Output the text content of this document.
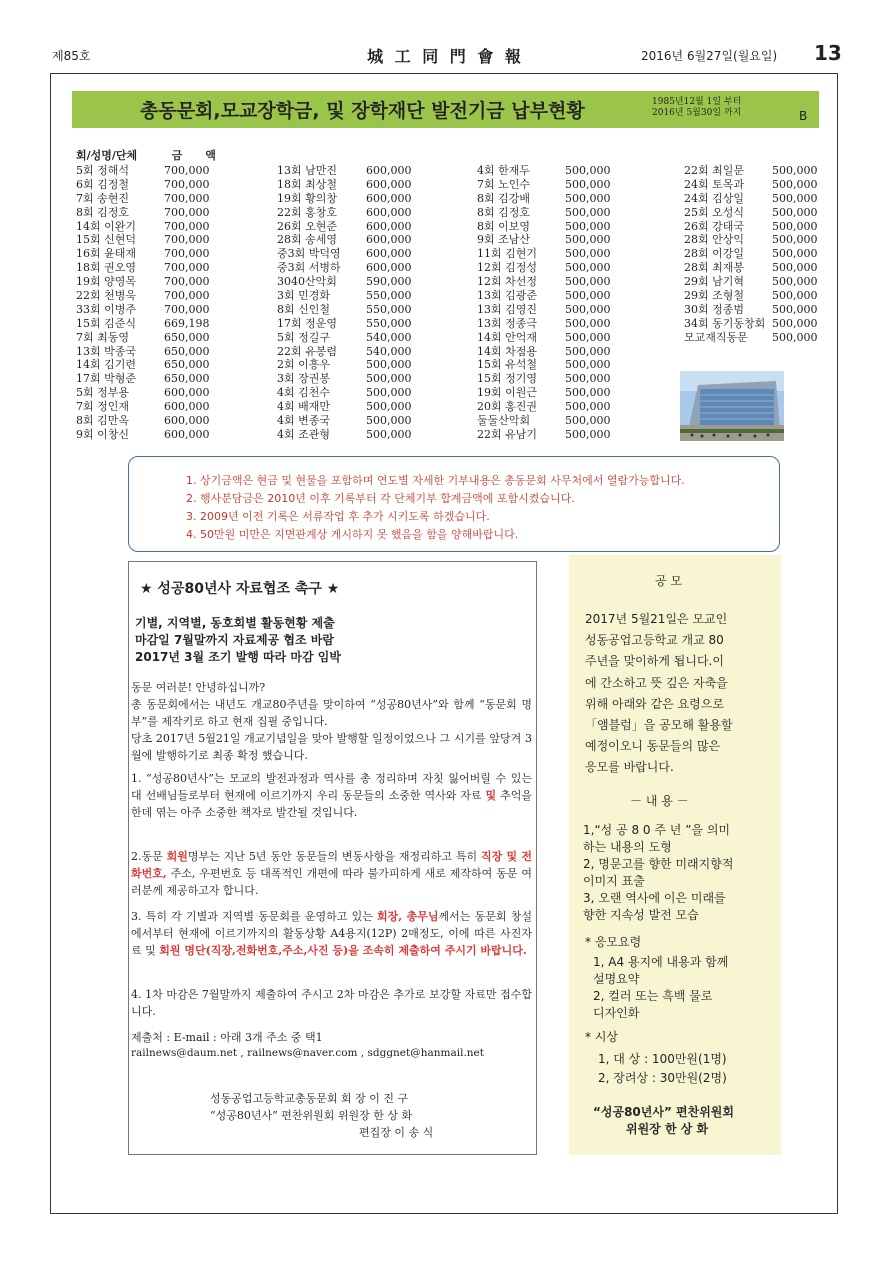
제85호	城 工 同 門 會 報	2016년 6월27일(월요일) 13
총동문회,모교장학금, 및 장학재단 발전기금 납부현황	1985년12월 1일 부터
2016년 5월30일 까지	B
회/성명/단체         금      액
5회 정해석	700,000
6회 김정철	700,000
7회 송현진	700,000
8회 김정호	700,000
14회 이완기	700,000
15회 신현덕	700,000
16회 윤태재	700,000
18회 권오영	700,000
19회 양영목	700,000
22회 천병욱	700,000
33회 이병주	700,000
15회 김준식	669,198
7회 최동영	650,000
13회 박종국	650,000
14회 김기련	650,000
17회 박형준	650,000
5회 정부용	600,000
7회 정인재	600,000
8회 김만옥	600,000
9회 이창신	600,000
13회 남만진	600,000
18회 최상철	600,000
19회 황의창	600,000
22회 홍창호	600,000
26회 오현준	600,000
28회 송세영	600,000
중3회 박덕영 600,000
중3회 서병하 600,000
3040산악회	590,000
3회 민경화	550,000
8회 신인철	550,000
17회 정운영	550,000
5회 정길구	540,000
22회 유봉렴	540,000
2회 이흥우	500,000
3회 장권봉	500,000
4회 김천수	500,000
4회 배재만	500,000
4회 변종국	500,000
4회 조관형	500,000
4회 한재두	500,000
7회 노인수	500,000
8회 김강배	500,000
8회 김정호	500,000
8회 이보영	500,000
9회 조남산	500,000
11회 김현기	500,000
12회 김정성	500,000
12회 차선정	500,000
13회 김광준	500,000
13회 김영진	500,000
13회 정종극	500,000
14회 안억재	500,000
14회 차점용	500,000
15회 유석철	500,000
15회 정기영	500,000
19회 이원근	500,000
20회 홍진권	500,000
둘둘산악회	500,000
22회 유남기	500,000
22회 최일문	500,000
24회 토목과	500,000
24회 김상일	500,000
25회 오성식	500,000
26회 강태국	500,000
28회 안상익	500,000
28회 이강일	500,000
28회 최재봉	500,000
29회 남기혁	500,000
29회 조형철	500,000
30회 정종범	500,000
34회 동기동창회 500,000
모교재직동문 500,000
1. 상기금액은 현금 및 현물을 포함하며 연도별 자세한 기부내용은 총동문회 사무처에서 열람가능합니다.
2. 행사분담금은 2010년 이후 기록부터 각 단체기부 합계금액에 포함시켰습니다.
3. 2009년 이전 기록은 서류작업 후 추가 시키도록 하겠습니다.
4. 50만원 미만은 지면관계상 게시하지 못 했음을 함을 양해바랍니다.
★ 성공80년사 자료협조 촉구 ★
기별, 지역별, 동호회별 활동현황 제출
마감일 7월말까지 자료제공 협조 바람
2017년 3월 조기 발행 따라 마감 임박
동문 여러분! 안녕하십니까?
총 동문회에서는 내년도 개교80주년을 맞이하여 “성공80년사”와 함께 “동문회 명부”를 제작키로 하고 현재 집필 중입니다.
당초 2017년 5월21일 개교기념일을 맞아 발행할 일정이었으나 그 시기를 앞당겨 3월에 발행하기로 최종 확정 했습니다.
1. “성공80년사”는 모교의 발전과정과 역사를 총 정리하며 자칫 잃어버릴 수 있는 대 선배님들로부터 현재에 이르기까지 우리 동문들의 소중한 역사와 자료 및 추억을 한데 엮는 아주 소중한 책자로 발간될 것입니다.
2.동문 회원명부는 지난 5년 동안 동문들의 변동사항을 재정리하고 특히 직장 및 전화번호, 주소, 우편번호 등 대폭적인 개편에 따라 불가피하게 새로 제작하여 동문 여러분께 제공하고자 합니다.
3. 특히 각 기별과 지역별 동문회를 운영하고 있는 회장, 총무님께서는 동문회 창설에서부터 현재에 이르기까지의 활동상황 A4용지(12P) 2매정도, 이에 따른 사진자료 및 회원 명단(직장,전화번호,주소,사진 등)을 조속히 제출하여 주시기 바랍니다.
4. 1차 마감은 7월말까지 제출하여 주시고 2차 마감은 추가로 보강할 자료만 접수합니다.
제출처 : E-mail : 아래 3개 주소 중 택1
railnews@daum.net , railnews@naver.com , sdggnet@hanmail.net
성동공업고등학교총동문회 회 장 이 진 구
“성공80년사” 편찬위원회 위원장 한 상 화
편집장 이 송 식
공 모
2017년 5월21일은 모교인
성동공업고등학교 개교 80
주년을 맞이하게 됩니다.이
에 간소하고 뜻 깊은 자축을
위해 아래와 같은 요령으로
「앰블럼」을 공모해 활용할
예정이오니 동문들의 많은
응모를 바랍니다.
－ 내 용 －
1,“성 공 8 0 주 년 ”을 의미
하는 내용의 도형
2, 명문고를 향한 미래지향적
이미지 표출
3, 오랜 역사에 이은 미래를
향한 지속성 발전 모습
* 응모요령
1, A4 용지에 내용과 함께
설명요약
2, 컬러 또는 흑백 물로
디자인화
* 시상
1, 대 상 : 100만원(1명)
2, 장려상 : 30만원(2명)
“성공80년사” 편찬위원회
위원장 한 상 화
